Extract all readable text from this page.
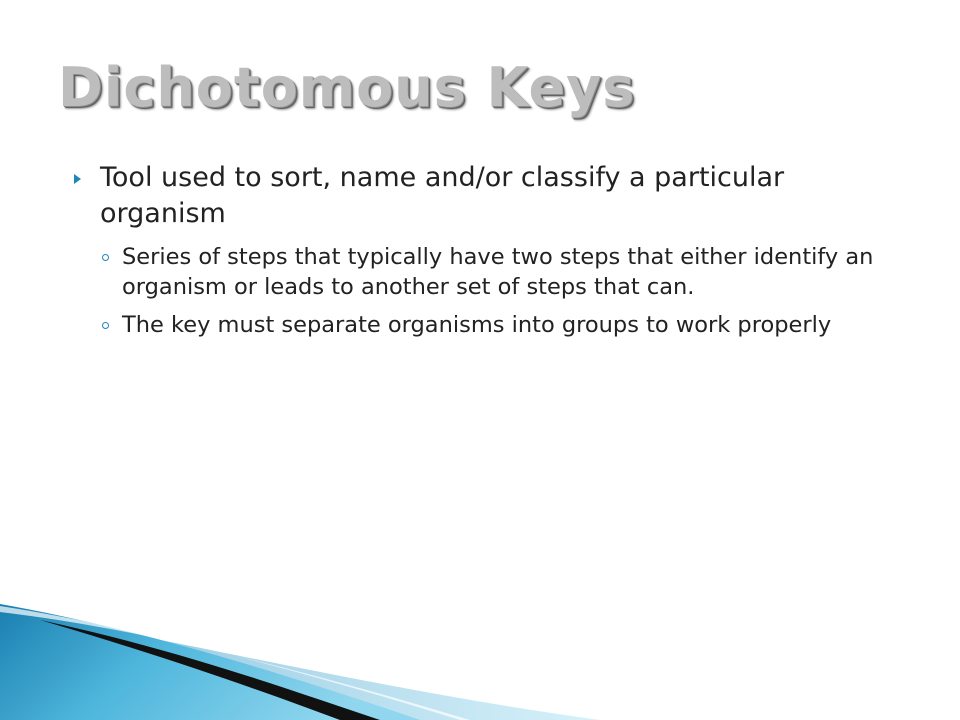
Dichotomous Keys
Tool used to sort, name and/or classify a particular organism
Series of steps that typically have two steps that either identify an organism or leads to another set of steps that can.
The key must separate organisms into groups to work properly
